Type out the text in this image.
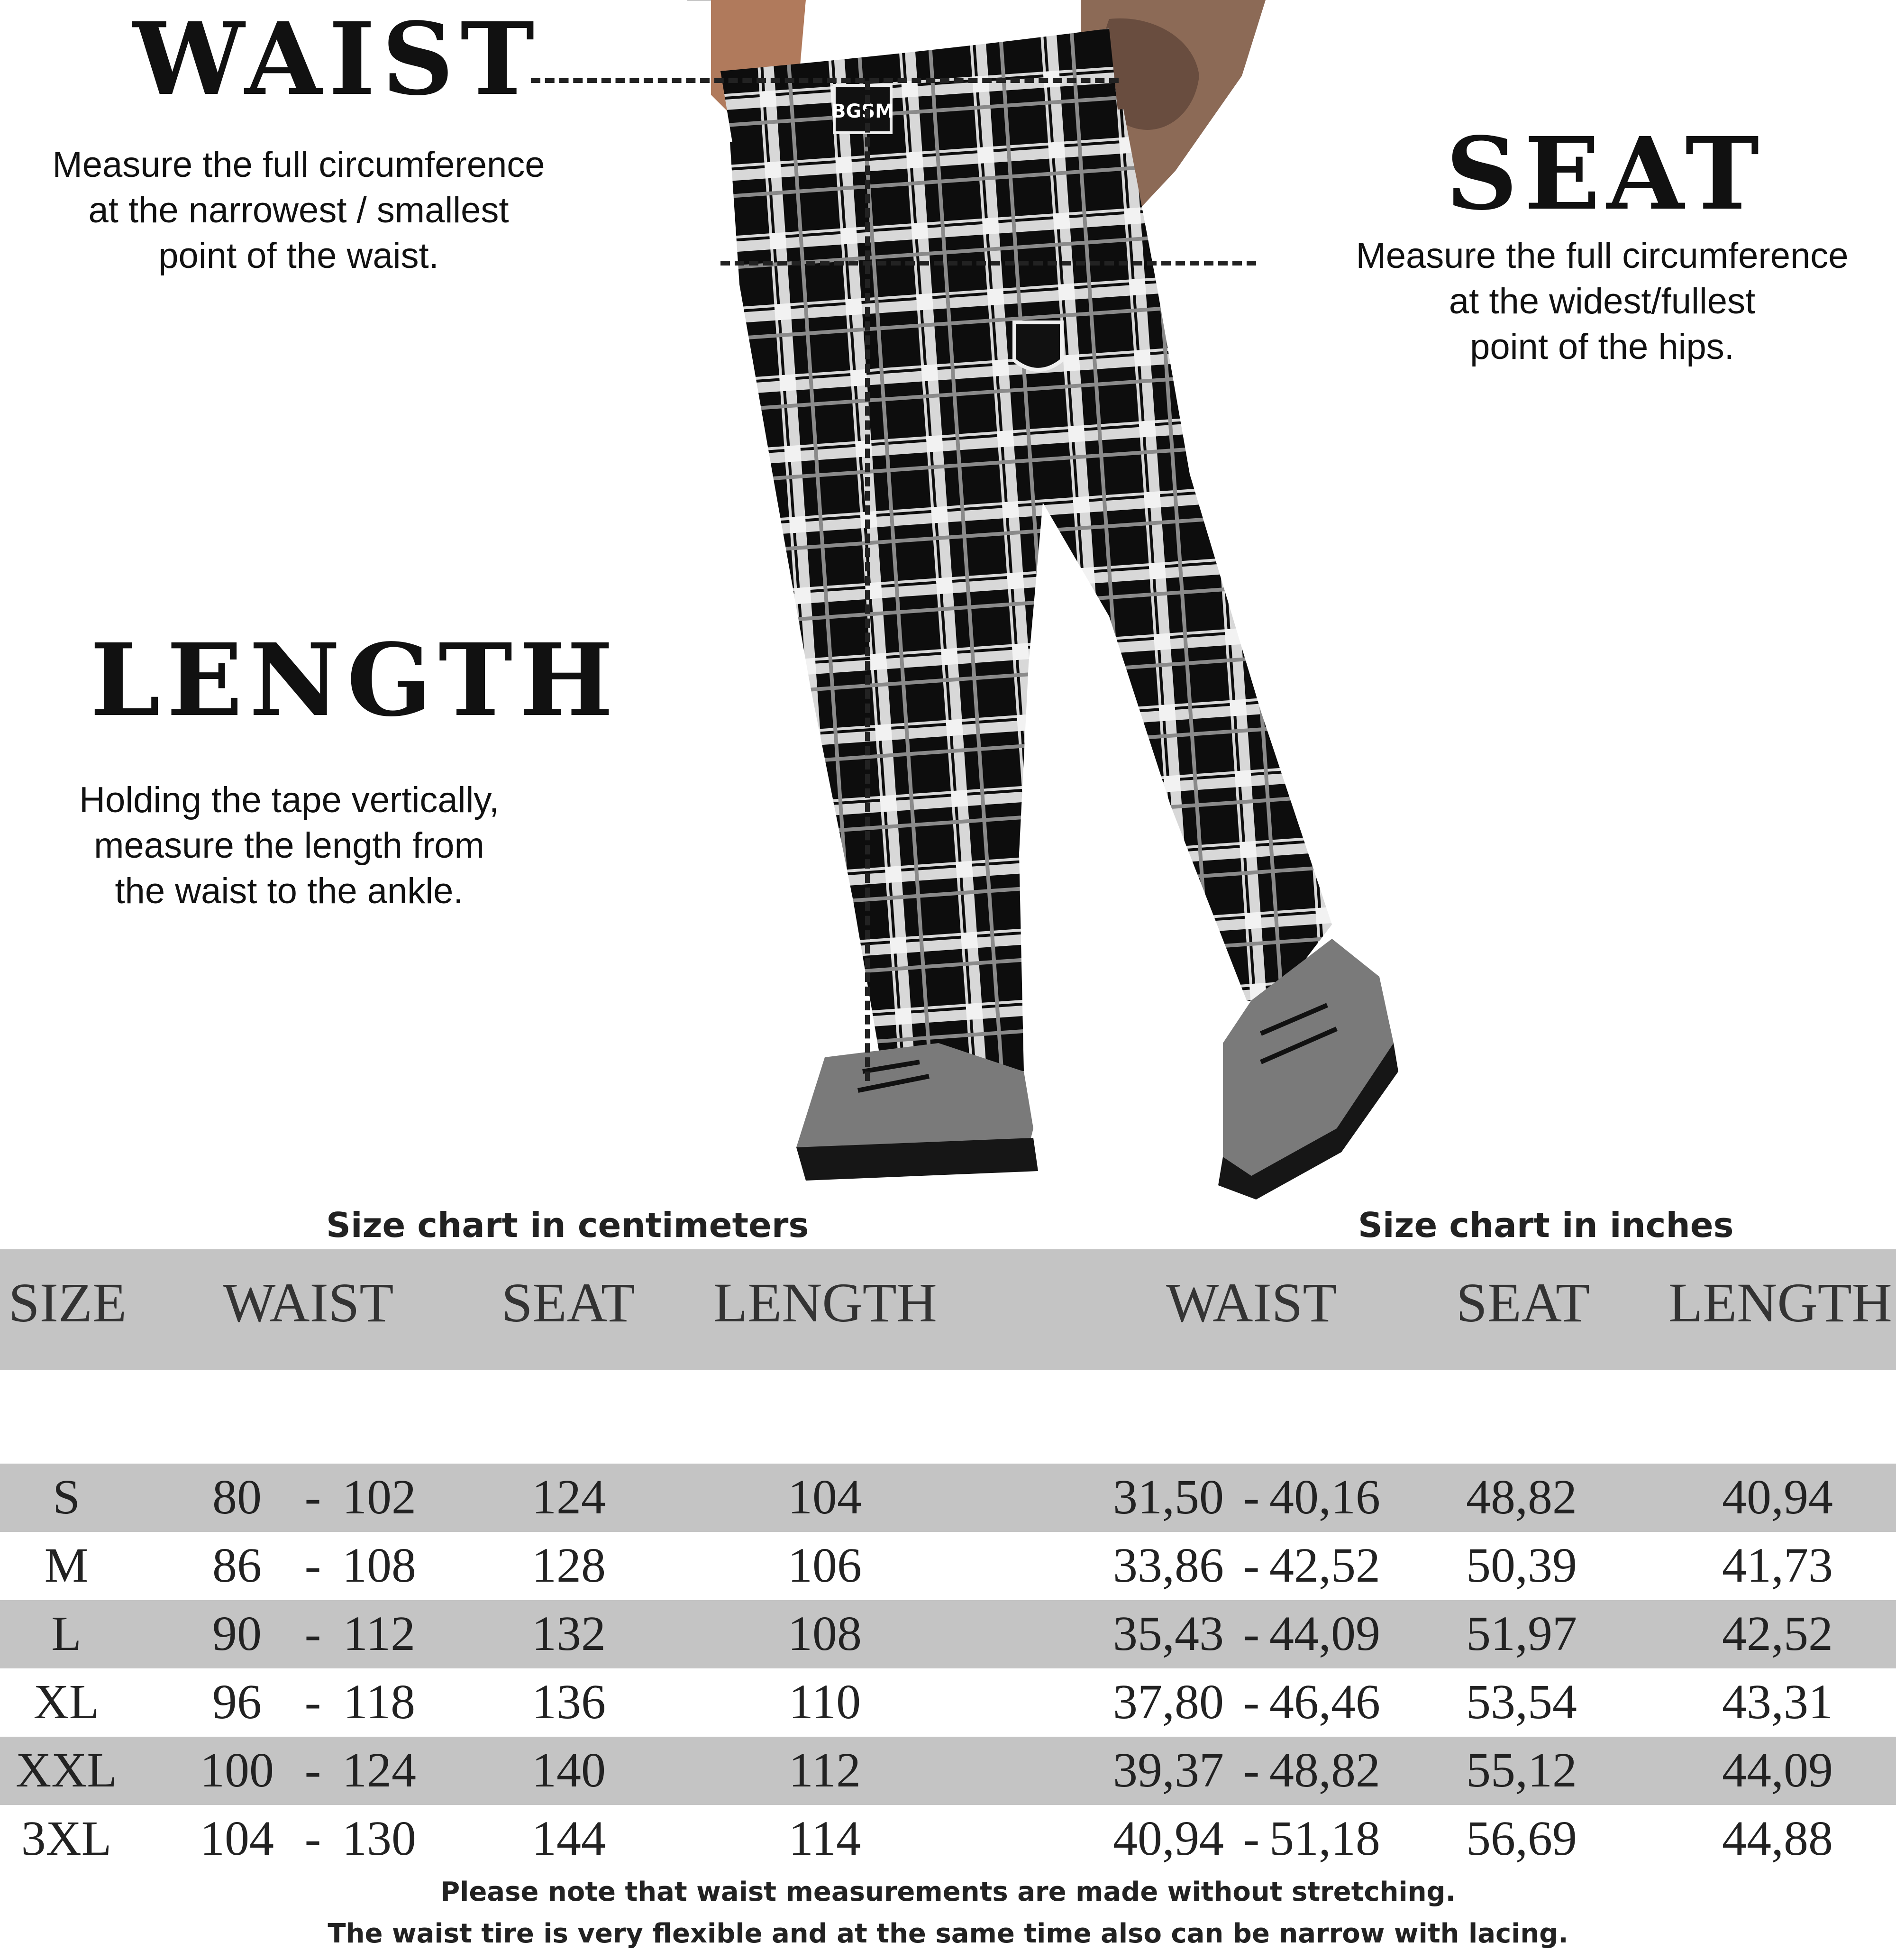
WAIST
Measure the full circumference
at the narrowest / smallest
point of the waist.
SEAT
Measure the full circumference
at the widest/fullest
point of the hips.
LENGTH
Holding the tape vertically,
measure the length from
the waist to the ankle.
BGSM
Size chart in centimeters	Size chart in inches
SIZE WAIST SEAT LENGTH	WAIST SEAT LENGTH
S	80 - 102 124	104	31,50 - 40,16 48,82	40,94
M	86 - 108 128	106	33,86 - 42,52 50,39	41,73
L	90 - 112 132	108	35,43 - 44,09 51,97	42,52
XL	96 - 118 136	110	37,80 - 46,46 53,54	43,31
XXL 100 - 124 140	112	39,37 - 48,82 55,12	44,09
3XL 104 - 130 144	114	40,94 - 51,18 56,69	44,88
Please note that waist measurements are made without stretching.
The waist tire is very flexible and at the same time also can be narrow with lacing.
